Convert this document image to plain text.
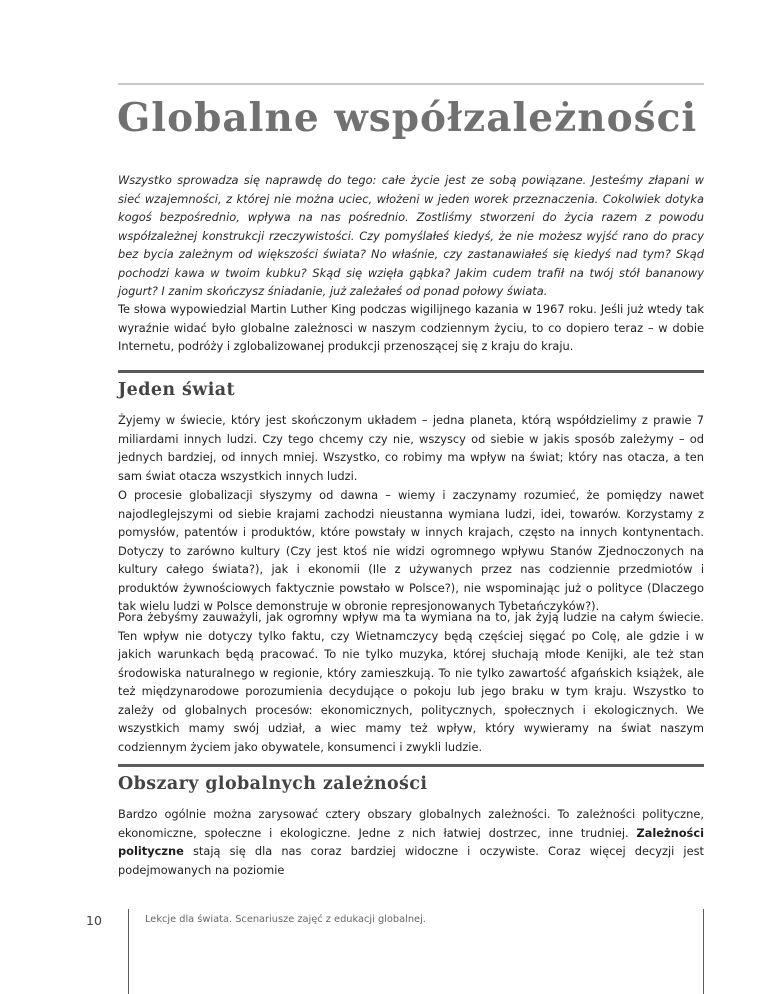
Globalne współzależności

Wszystko sprowadza się naprawdę do tego: całe życie jest ze sobą powiązane. Jesteśmy złapani w sieć wzajemności, z której nie można uciec, włożeni w jeden worek przeznaczenia. Cokolwiek dotyka kogoś bezpośrednio, wpływa na nas pośrednio. Zostliśmy stworzeni do życia razem z powodu współzależnej konstrukcji rzeczywistości. Czy pomyślałeś kiedyś, że nie możesz wyjść rano do pracy bez bycia zależnym od większości świata? No właśnie, czy zastanawiałeś się kiedyś nad tym? Skąd pochodzi kawa w twoim kubku? Skąd się wzięła gąbka? Jakim cudem trafił na twój stół bananowy jogurt? I zanim skończysz śniadanie, już zależałeś od ponad połowy świata.

Te słowa wypowiedzial Martin Luther King podczas wigilijnego kazania w 1967 roku. Jeśli już wtedy tak wyraźnie widać było globalne zależnosci w naszym codziennym życiu, to co dopiero teraz – w dobie Internetu, podróży i zglobalizowanej produkcji przenoszącej się z kraju do kraju.

Jeden świat

Żyjemy w świecie, który jest skończonym układem – jedna planeta, którą współdzielimy z prawie 7 miliardami innych ludzi. Czy tego chcemy czy nie, wszyscy od siebie w jakis sposób zależymy – od jednych bardziej, od innych mniej. Wszystko, co robimy ma wpływ na świat; który nas otacza, a ten sam świat otacza wszystkich innych ludzi.

O procesie globalizacji słyszymy od dawna – wiemy i zaczynamy rozumieć, że pomiędzy nawet najodleglejszymi od siebie krajami zachodzi nieustanna wymiana ludzi, idei, towarów. Korzystamy z pomysłów, patentów i produktów, które powstały w innych krajach, często na innych kontynentach. Dotyczy to zarówno kultury (Czy jest ktoś nie widzi ogromnego wpływu Stanów Zjednoczonych na kultury całego świata?), jak i ekonomii (Ile z używanych przez nas codziennie przedmiotów i produktów żywnościowych faktycznie powstało w Polsce?), nie wspominając już o polityce (Dlaczego tak wielu ludzi w Polsce demonstruje w obronie represjonowanych Tybetańczyków?).

Pora żebyśmy zauważyli, jak ogromny wpływ ma ta wymiana na to, jak żyją ludzie na całym świecie. Ten wpływ nie dotyczy tylko faktu, czy Wietnamczycy będą częściej sięgać po Colę, ale gdzie i w jakich warunkach będą pracować. To nie tylko muzyka, której słuchają młode Kenijki, ale też stan środowiska naturalnego w regionie, który zamieszkują. To nie tylko zawartość afgańskich książek, ale też międzynarodowe porozumienia decydujące o pokoju lub jego braku w tym kraju. Wszystko to zależy od globalnych procesów: ekonomicznych, politycznych, społecznych i ekologicznych. We wszystkich mamy swój udział, a wiec mamy też wpływ, który wywieramy na świat naszym codziennym życiem jako obywatele, konsumenci i zwykli ludzie.

Obszary globalnych zależności

Bardzo ogólnie można zarysować cztery obszary globalnych zależności. To zależności polityczne, ekonomiczne, społeczne i ekologiczne. Jedne z nich łatwiej dostrzec, inne trudniej. Zależności polityczne stają się dla nas coraz bardziej widoczne i oczywiste. Coraz więcej decyzji jest podejmowanych na poziomie

10	Lekcje dla świata. Scenariusze zajęć z edukacji globalnej.
